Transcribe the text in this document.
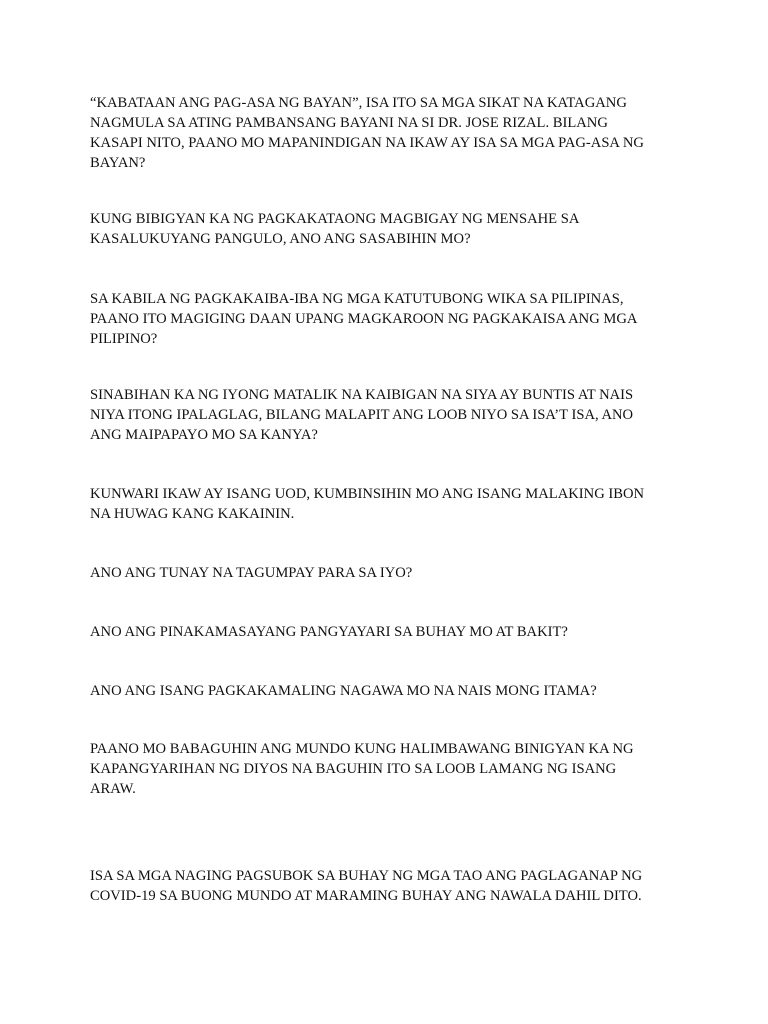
“KABATAAN ANG PAG-ASA NG BAYAN”, ISA ITO SA MGA SIKAT NA KATAGANG
NAGMULA SA ATING PAMBANSANG BAYANI NA SI DR. JOSE RIZAL. BILANG
KASAPI NITO, PAANO MO MAPANINDIGAN NA IKAW AY ISA SA MGA PAG-ASA NG
BAYAN?

KUNG BIBIGYAN KA NG PAGKAKATAONG MAGBIGAY NG MENSAHE SA
KASALUKUYANG PANGULO, ANO ANG SASABIHIN MO?

SA KABILA NG PAGKAKAIBA-IBA NG MGA KATUTUBONG WIKA SA PILIPINAS,
PAANO ITO MAGIGING DAAN UPANG MAGKAROON NG PAGKAKAISA ANG MGA
PILIPINO?

SINABIHAN KA NG IYONG MATALIK NA KAIBIGAN NA SIYA AY BUNTIS AT NAIS
NIYA ITONG IPALAGLAG, BILANG MALAPIT ANG LOOB NIYO SA ISA’T ISA, ANO
ANG MAIPAPAYO MO SA KANYA?

KUNWARI IKAW AY ISANG UOD, KUMBINSIHIN MO ANG ISANG MALAKING IBON
NA HUWAG KANG KAKAININ.

ANO ANG TUNAY NA TAGUMPAY PARA SA IYO?

ANO ANG PINAKAMASAYANG PANGYAYARI SA BUHAY MO AT BAKIT?

ANO ANG ISANG PAGKAKAMALING NAGAWA MO NA NAIS MONG ITAMA?

PAANO MO BABAGUHIN ANG MUNDO KUNG HALIMBAWANG BINIGYAN KA NG
KAPANGYARIHAN NG DIYOS NA BAGUHIN ITO SA LOOB LAMANG NG ISANG
ARAW.

ISA SA MGA NAGING PAGSUBOK SA BUHAY NG MGA TAO ANG PAGLAGANAP NG
COVID-19 SA BUONG MUNDO AT MARAMING BUHAY ANG NAWALA DAHIL DITO.
